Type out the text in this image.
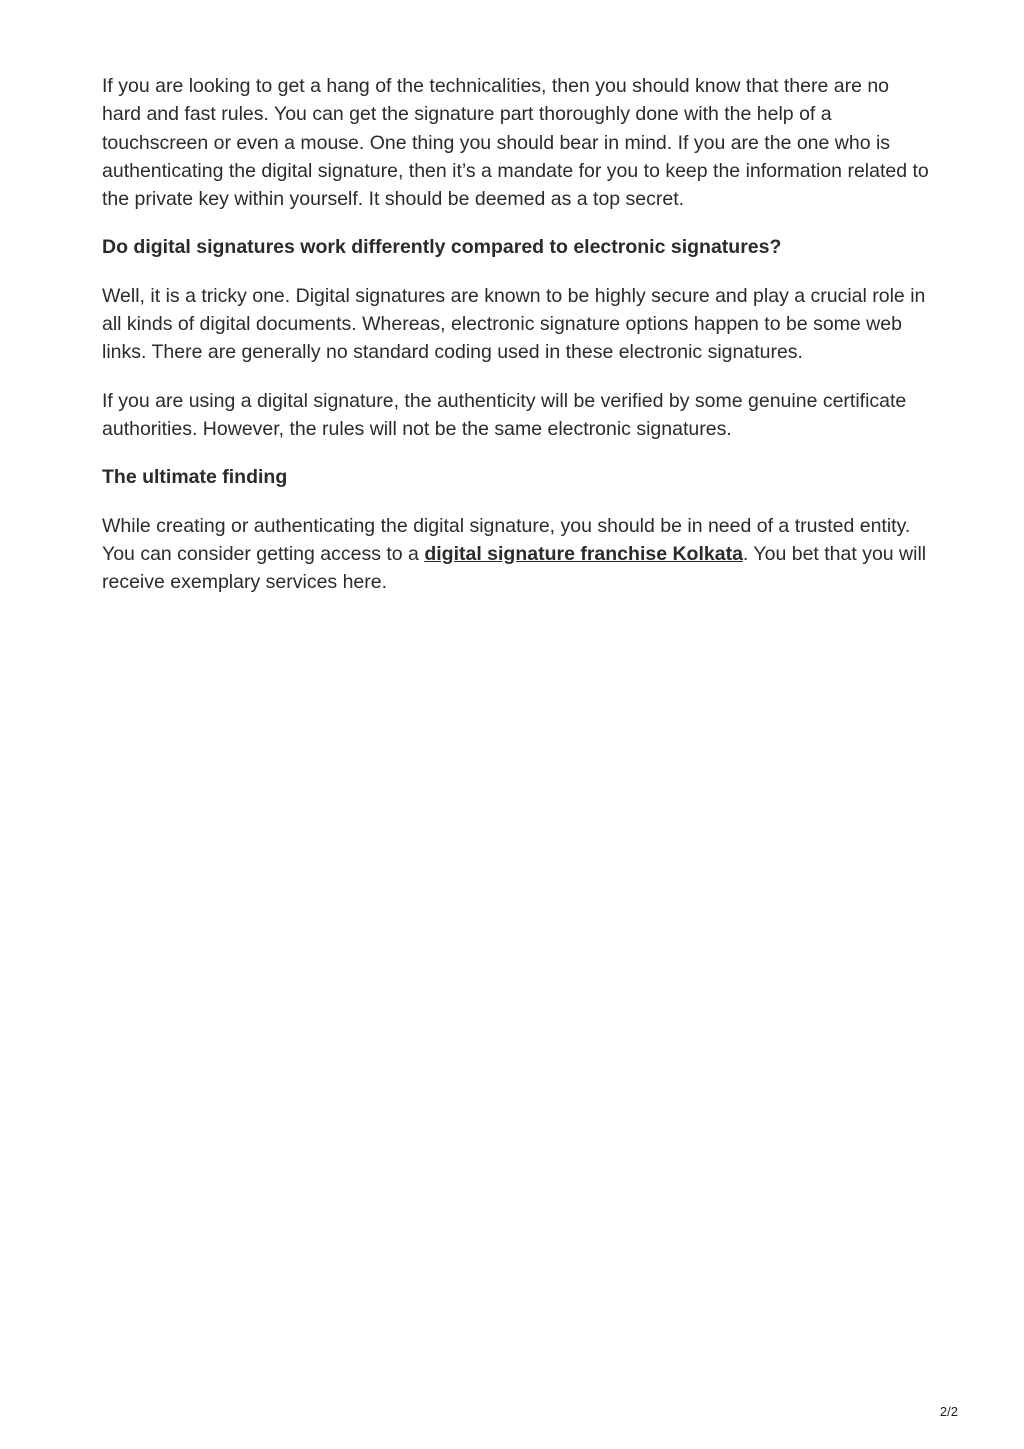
If you are looking to get a hang of the technicalities, then you should know that there are no hard and fast rules. You can get the signature part thoroughly done with the help of a touchscreen or even a mouse. One thing you should bear in mind. If you are the one who is authenticating the digital signature, then it’s a mandate for you to keep the information related to the private key within yourself. It should be deemed as a top secret.

Do digital signatures work differently compared to electronic signatures?

Well, it is a tricky one. Digital signatures are known to be highly secure and play a crucial role in all kinds of digital documents. Whereas, electronic signature options happen to be some web links. There are generally no standard coding used in these electronic signatures.

If you are using a digital signature, the authenticity will be verified by some genuine certificate authorities. However, the rules will not be the same electronic signatures.

The ultimate finding

While creating or authenticating the digital signature, you should be in need of a trusted entity. You can consider getting access to a digital signature franchise Kolkata. You bet that you will receive exemplary services here.

2/2
